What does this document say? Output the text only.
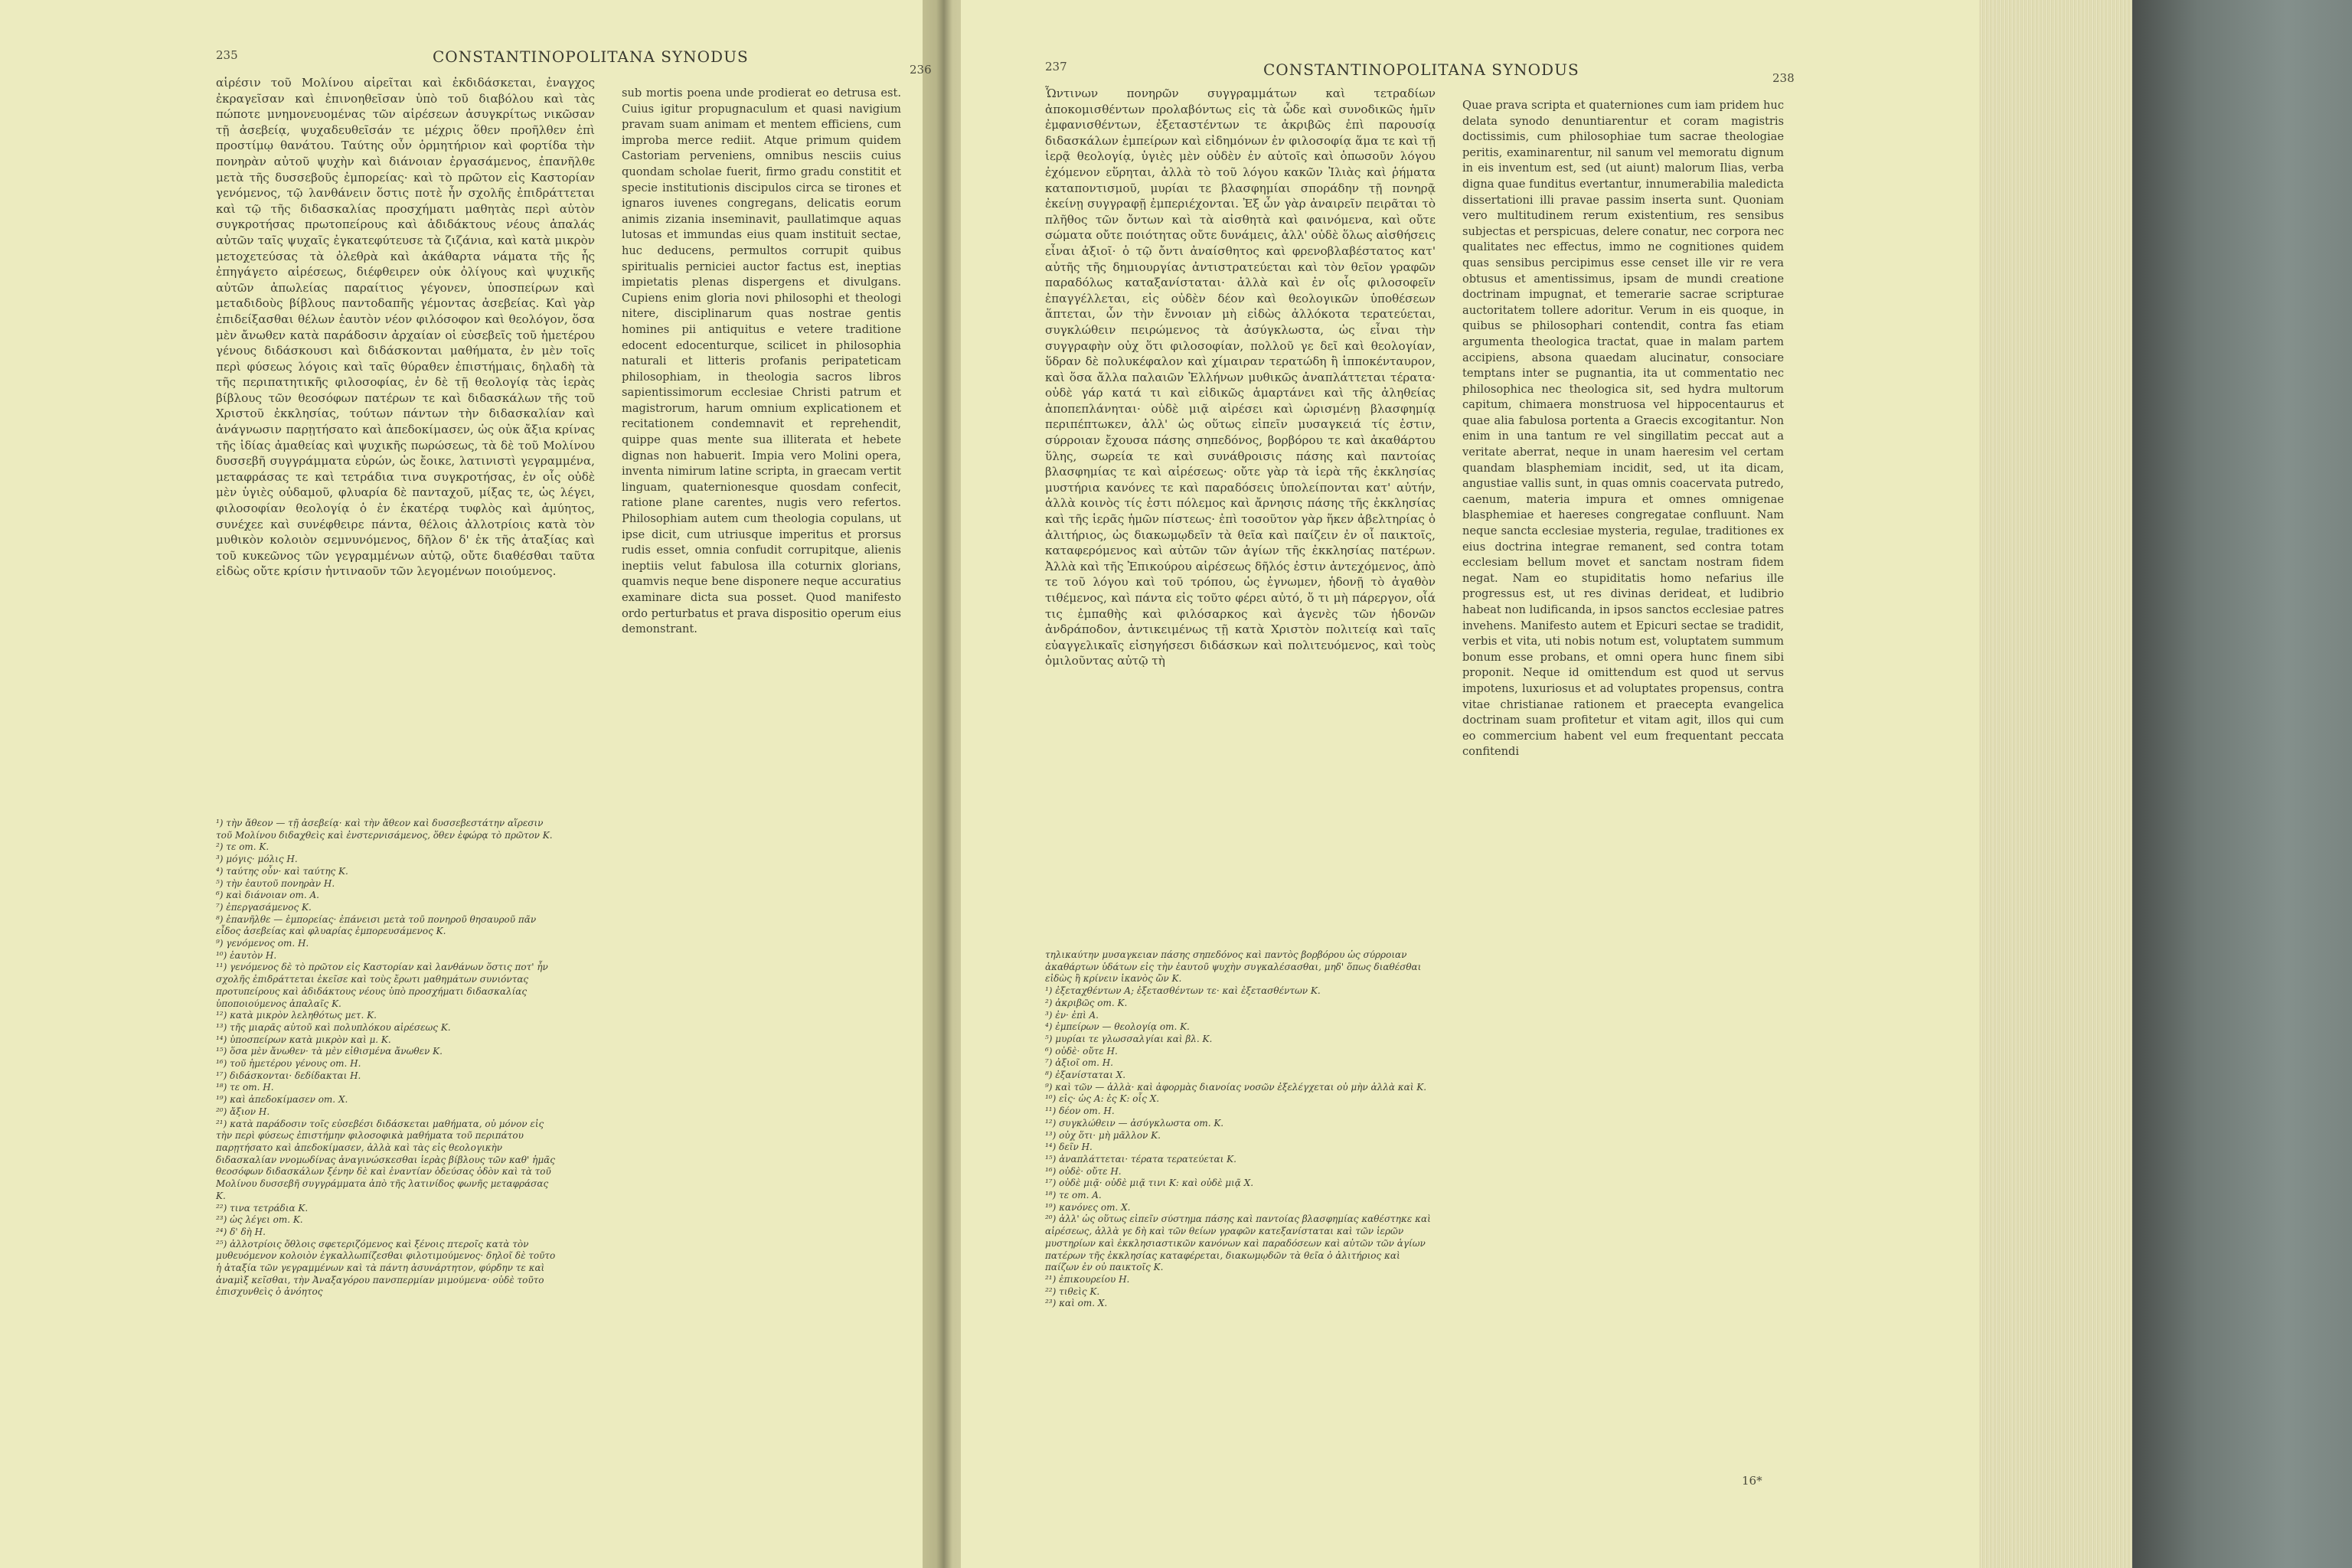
235	CONSTANTINOPOLITANA SYNODUS
236
αἱρέσιν τοῦ Μολίνου αἱρεῖται καὶ ἐκδιδάσκεται, ἐναγχος ἐκραγεῖσαν καὶ ἐπινοηθεῖσαν ὑπὸ τοῦ διαβόλου καὶ τὰς πώποτε μνημονευομένας τῶν αἱρέσεων ἀσυγκρίτως νικῶσαν τῇ ἀσεβείᾳ, ψυχαδευθεῖσάν τε μέχρις ὅθεν προῆλθεν ἐπὶ προστίμῳ θανάτου. Ταύτης οὖν ὁρμητήριον καὶ φορτίδα τὴν πονηρὰν αὐτοῦ ψυχὴν καὶ διάνοιαν ἐργασάμενος, ἐπανῆλθε μετὰ τῆς δυσσεβοῦς ἐμπορείας· καὶ τὸ πρῶτον εἰς Καστορίαν γενόμενος, τῷ λανθάνειν ὅστις ποτὲ ἦν σχολῆς ἐπιδράττεται καὶ τῷ τῆς διδασκαλίας προσχήματι μαθητὰς περὶ αὐτὸν συγκροτήσας πρωτοπείρους καὶ ἀδιδάκτους νέους ἁπαλάς αὐτῶν ταῖς ψυχαῖς ἐγκατεφύτευσε τὰ ζιζάνια, καὶ κατὰ μικρὸν μετοχετεύσας τὰ ὀλεθρὰ καὶ ἀκάθαρτα νάματα τῆς ἧς ἐπηγάγετο αἱρέσεως, διέφθειρεν οὐκ ὀλίγους καὶ ψυχικῆς αὐτῶν ἀπωλείας παραίτιος γέγονεν, ὑποσπείρων καὶ μεταδιδοὺς βίβλους παντοδαπῆς γέμοντας ἀσεβείας. Καὶ γὰρ ἐπιδείξασθαι θέλων ἑαυτὸν νέον φιλόσοφον καὶ θεολόγον, ὅσα μὲν ἄνωθεν κατὰ παράδοσιν ἀρχαίαν οἱ εὐσεβεῖς τοῦ ἡμετέρου γένους διδάσκουσι καὶ διδάσκονται μαθήματα, ἐν μὲν τοῖς περὶ φύσεως λόγοις καὶ ταῖς θύραθεν ἐπιστήμαις, δηλαδὴ τὰ τῆς περιπατητικῆς φιλοσοφίας, ἐν δὲ τῇ θεολογίᾳ τὰς ἱερὰς βίβλους τῶν θεοσόφων πατέρων τε καὶ διδασκάλων τῆς τοῦ Χριστοῦ ἐκκλησίας, τούτων πάντων τὴν διδασκαλίαν καὶ ἀνάγνωσιν παρῃτήσατο καὶ ἀπεδοκίμασεν, ὡς οὐκ ἄξια κρίνας τῆς ἰδίας ἀμαθείας καὶ ψυχικῆς πωρώσεως, τὰ δὲ τοῦ Μολίνου δυσσεβῆ συγγράμματα εὑρών, ὡς ἔοικε, λατινιστὶ γεγραμμένα, μεταφράσας τε καὶ τετράδια τινα συγκροτήσας, ἐν οἷς οὐδὲ μὲν ὑγιὲς οὐδαμοῦ, φλυαρία δὲ πανταχοῦ, μίξας τε, ὡς λέγει, φιλοσοφίαν θεολογίᾳ ὁ ἐν ἑκατέρᾳ τυφλὸς καὶ ἀμύητος, συνέχεε καὶ συνέφθειρε πάντα, θέλοις ἀλλοτρίοις κατὰ τὸν μυθικὸν κολοιὸν σεμνυνόμενος, δῆλον δ' ἐκ τῆς ἀταξίας καὶ τοῦ κυκεῶνος τῶν γεγραμμένων αὐτῷ, οὔτε διαθέσθαι ταῦτα εἰδὼς οὔτε κρίσιν ἠντιναοῦν τῶν λεγομένων ποιούμενος.

¹) τὴν ἄθεον — τῇ ἀσεβείᾳ· καὶ τὴν ἄθεον καὶ δυσσεβεστάτην αἵρεσιν τοῦ Μολίνου διδαχθεὶς καὶ ἐνστερνισάμενος, ὅθεν ἐφώρᾳ τὸ πρῶτον K.

²) τε om. K.

³) μόγις· μόλις H.

⁴) ταύτης οὖν· καὶ ταύτης K.

⁵) τὴν ἑαυτοῦ πονηρὰν H.

⁶) καὶ διάνοιαν om. A.

⁷) ἐπεργασάμενος K.

⁸) ἐπανῆλθε — ἐμπορείας· ἐπάνεισι μετὰ τοῦ πονηροῦ θησαυροῦ πᾶν εἶδος ἀσεβείας καὶ φλυαρίας ἐμπορευσάμενος K.

⁹) γενόμενος om. H.

¹⁰) ἑαυτὸν H.

¹¹) γενόμενος δὲ τὸ πρῶτον εἰς Καστορίαν καὶ λανθάνων ὅστις ποτ' ἦν σχολῆς ἐπιδράττεται ἐκεῖσε καὶ τοὺς ἔρωτι μαθημάτων συνιόντας προτυπείρους καὶ ἀδιδάκτους νέους ὑπὸ προσχήματι διδασκαλίας ὑποποιούμενος ἁπαλαῖς K.

¹²) κατὰ μικρὸν λεληθότως μετ. K.

¹³) τῆς μιαρᾶς αὐτοῦ καὶ πολυπλόκου αἱρέσεως K.

¹⁴) ὑποσπείρων κατὰ μικρὸν καὶ μ. K.

¹⁵) ὅσα μὲν ἄνωθεν· τὰ μὲν εἰθισμένα ἄνωθεν K.

¹⁶) τοῦ ἡμετέρου γένους om. H.

¹⁷) διδάσκονται· δεδίδακται H.

¹⁸) τε om. H.

¹⁹) καὶ ἀπεδοκίμασεν om. X.

²⁰) ἄξιον H.

²¹) κατὰ παράδοσιν τοῖς εὐσεβέσι διδάσκεται μαθήματα, οὐ μόνον εἰς τὴν περὶ φύσεως ἐπιστήμην φιλοσοφικὰ μαθήματα τοῦ περιπάτου παρῃτήσατο καὶ ἀπεδοκίμασεν, ἀλλὰ καὶ τὰς εἰς θεολογικὴν διδασκαλίαν ννομωδίνας ἀναγινώσκεσθαι ἱερὰς βίβλους τῶν καθ' ἡμᾶς θεοσόφων διδασκάλων ξένην δὲ καὶ ἐναντίαν ὁδεύσας ὁδὸν καὶ τὰ τοῦ Μολίνου δυσσεβῆ συγγράμματα ἀπὸ τῆς λατινίδος φωνῆς μεταφράσας K.

²²) τινα τετράδια K.

²³) ὡς λέγει om. K.

²⁴) δ' δὴ H.

²⁵) ἀλλοτρίοις ὄθλοις σφετεριζόμενος καὶ ξένοις πτεροῖς κατὰ τὸν μυθευόμενον κολοιὸν ἐγκαλλωπίζεσθαι φιλοτιμούμενος· δηλοῖ δὲ τοῦτο ἡ ἀταξία τῶν γεγραμμένων καὶ τὰ πάντη ἀσυνάρτητον, φύρδην τε καὶ ἀναμὶξ κεῖσθαι, τὴν Ἀναξαγόρου πανσπερμίαν μιμούμενα· οὐδὲ τοῦτο ἐπισχυνθεὶς ὁ ἀνόητος

sub mortis poena unde prodierat eo detrusa est. Cuius igitur propugnaculum et quasi navigium pravam suam animam et mentem efficiens, cum improba merce rediit. Atque primum quidem Castoriam perveniens, omnibus nesciis cuius quondam scholae fuerit, firmo gradu constitit et specie institutionis discipulos circa se tirones et ignaros iuvenes congregans, delicatis eorum animis zizania inseminavit, paullatimque aquas lutosas et immundas eius quam instituit sectae, huc deducens, permultos corrupit quibus spiritualis perniciei auctor factus est, ineptias impietatis plenas dispergens et divulgans. Cupiens enim gloria novi philosophi et theologi nitere, disciplinarum quas nostrae gentis homines pii antiquitus e vetere traditione edocent edocenturque, scilicet in philosophia naturali et litteris profanis peripateticam philosophiam, in theologia sacros libros sapientissimorum ecclesiae Christi patrum et magistrorum, harum omnium explicationem et recitationem condemnavit et reprehendit, quippe quas mente sua illiterata et hebete dignas non habuerit. Impia vero Molini opera, inventa nimirum latine scripta, in graecam vertit linguam, quaternionesque quosdam confecit, ratione plane carentes, nugis vero refertos. Philosophiam autem cum theologia copulans, ut ipse dicit, cum utriusque imperitus et prorsus rudis esset, omnia confudit corrupitque, alienis ineptiis velut fabulosa illa coturnix glorians, quamvis neque bene disponere neque accuratius examinare dicta sua posset. Quod manifesto ordo perturbatus et prava dispositio operum eius demonstrant.
237	CONSTANTINOPOLITANA SYNODUS	238
Ὧντινων πονηρῶν συγγραμμάτων καὶ τετραδίων ἀποκομισθέντων προλαβόντως εἰς τὰ ὧδε καὶ συνοδικῶς ἡμῖν ἐμφανισθέντων, ἐξεταστέντων τε ἀκριβῶς ἐπὶ παρουσίᾳ διδασκάλων ἐμπείρων καὶ εἰδημόνων ἐν φιλοσοφίᾳ ἅμα τε καὶ τῇ ἱερᾷ θεολογίᾳ, ὑγιὲς μὲν οὐδὲν ἐν αὐτοῖς καὶ ὁπωσοῦν λόγου ἐχόμενον εὕρηται, ἀλλὰ τὸ τοῦ λόγου κακῶν Ἰλιὰς καὶ ῥήματα καταποντισμοῦ, μυρίαι τε βλασφημίαι σποράδην τῇ πονηρᾷ ἐκείνῃ συγγραφῇ ἐμπεριέχονται. Ἐξ ὧν γὰρ ἀναιρεῖν πειρᾶται τὸ πλῆθος τῶν ὄντων καὶ τὰ αἰσθητὰ καὶ φαινόμενα, καὶ οὔτε σώματα οὔτε ποιότητας οὔτε δυνάμεις, ἀλλ' οὐδὲ ὅλως αἰσθήσεις εἶναι ἀξιοῖ· ὁ τῷ ὄντι ἀναίσθητος καὶ φρενοβλαβέστατος κατ' αὐτῆς τῆς δημιουργίας ἀντιστρατεύεται καὶ τὸν θεῖον γραφῶν παραδόλως καταξανίσταται· ἀλλὰ καὶ ἐν οἷς φιλοσοφεῖν ἐπαγγέλλεται, εἰς οὐδὲν δέον καὶ θεολογικῶν ὑποθέσεων ἅπτεται, ὧν τὴν ἔννοιαν μὴ εἰδὼς ἀλλόκοτα τερατεύεται, συγκλώθειν πειρώμενος τὰ ἀσύγκλωστα, ὡς εἶναι τὴν συγγραφὴν οὐχ ὅτι φιλοσοφίαν, πολλοῦ γε δεῖ καὶ θεολογίαν, ὕδραν δὲ πολυκέφαλον καὶ χίμαιραν τερατώδη ἢ ἱπποκένταυρον, καὶ ὅσα ἄλλα παλαιῶν Ἑλλήνων μυθικῶς ἀναπλάττεται τέρατα· οὐδὲ γάρ κατά τι καὶ εἰδικῶς ἁμαρτάνει καὶ τῆς ἀληθείας ἀποπεπλάνηται· οὐδὲ μιᾷ αἱρέσει καὶ ὡρισμένῃ βλασφημίᾳ περιπέπτωκεν, ἀλλ' ὡς οὕτως εἰπεῖν μυσαγκειά τίς ἐστιν, σύρροιαν ἔχουσα πάσης σηπεδόνος, βορβόρου τε καὶ ἀκαθάρτου ὕλης, σωρεία τε καὶ συνάθροισις πάσης καὶ παντοίας βλασφημίας τε καὶ αἱρέσεως· οὔτε γὰρ τὰ ἱερὰ τῆς ἐκκλησίας μυστήρια κανόνες τε καὶ παραδόσεις ὑπολείπονται κατ' αὐτήν, ἀλλὰ κοινὸς τίς ἐστι πόλεμος καὶ ἄρνησις πάσης τῆς ἐκκλησίας καὶ τῆς ἱερᾶς ἡμῶν πίστεως· ἐπὶ τοσοῦτον γὰρ ἥκεν ἀβελτηρίας ὁ ἀλιτήριος, ὡς διακωμῳδεῖν τὰ θεῖα καὶ παίζειν ἐν οἷ παικτοῖς, καταφερόμενος καὶ αὐτῶν τῶν ἁγίων τῆς ἐκκλησίας πατέρων. Ἀλλὰ καὶ τῆς Ἐπικούρου αἱρέσεως δῆλός ἐστιν ἀντεχόμενος, ἀπὸ τε τοῦ λόγου καὶ τοῦ τρόπου, ὡς ἐγνωμεν, ἡδονῇ τὸ ἀγαθὸν τιθέμενος, καὶ πάντα εἰς τοῦτο φέρει αὐτό, ὅ τι μὴ πάρεργον, οἷά τις ἐμπαθὴς καὶ φιλόσαρκος καὶ ἀγενὲς τῶν ἡδονῶν ἀνδράποδον, ἀντικειμένως τῇ κατὰ Χριστὸν πολιτείᾳ καὶ ταῖς εὐαγγελικαῖς εἰσηγήσεσι διδάσκων καὶ πολιτευόμενος, καὶ τοὺς ὁμιλοῦντας αὐτῷ τὴ

τηλικαύτην μυσαγκειαν πάσης σηπεδόνος καὶ παντὸς βορβόρου ὡς σύρροιαν ἀκαθάρτων ὑδάτων εἰς τὴν ἑαυτοῦ ψυχὴν συγκαλέσασθαι, μηδ' ὅπως διαθέσθαι εἰδὼς ἢ κρίνειν ἱκανὸς ὤν K.

¹) ἐξεταχθέντων A; ἐξετασθέντων τε· καὶ ἐξετασθέντων K.

²) ἀκριβῶς om. K.

³) ἐν· ἐπὶ A.

⁴) ἐμπείρων — θεολογίᾳ om. K.

⁵) μυρίαι τε γλωσσαλγίαι καὶ βλ. K.

⁶) οὐδὲ· οὔτε H.

⁷) ἀξιοῖ om. H.

⁸) ἐξανίσταται X.

⁹) καὶ τῶν — ἀλλὰ· καὶ ἀφορμὰς διανοίας νοσῶν ἐξελέγχεται οὐ μὴν ἀλλὰ καὶ K.

¹⁰) εἰς· ὡς A: ἐς K: οἷς X.

¹¹) δέον om. H.

¹²) συγκλώθειν — ἀσύγκλωστα om. K.

¹³) οὐχ ὅτι· μὴ μᾶλλον K.

¹⁴) δεῖν H.

¹⁵) ἀναπλάττεται· τέρατα τερατεύεται K.

¹⁶) οὐδὲ· οὔτε H.

¹⁷) οὐδὲ μιᾷ· οὐδὲ μιᾷ τινι K: καὶ οὐδὲ μιᾷ X.

¹⁸) τε om. A.

¹⁹) κανόνες om. X.

²⁰) ἀλλ' ὡς οὕτως εἰπεῖν σύστημα πάσης καὶ παντοίας βλασφημίας καθέστηκε καὶ αἱρέσεως, ἀλλὰ γε δὴ καὶ τῶν θείων γραφῶν κατεξανίσταται καὶ τῶν ἱερῶν μυστηρίων καὶ ἐκκλησιαστικῶν κανόνων καὶ παραδόσεων καὶ αὐτῶν τῶν ἁγίων πατέρων τῆς ἐκκλησίας καταφέρεται, διακωμῳδῶν τὰ θεῖα ὁ ἀλιτήριος καὶ παίζων ἐν οὐ παικτοῖς K.

²¹) ἐπικουρείου H.

²²) τιθεὶς K.

²³) καὶ om. X.

Quae prava scripta et quaterniones cum iam pridem huc delata synodo denuntiarentur et coram magistris doctissimis, cum philosophiae tum sacrae theologiae peritis, examinarentur, nil sanum vel memoratu dignum in eis inventum est, sed (ut aiunt) malorum Ilias, verba digna quae funditus evertantur, innumerabilia maledicta dissertationi illi pravae passim inserta sunt. Quoniam vero multitudinem rerum existentium, res sensibus subjectas et perspicuas, delere conatur, nec corpora nec qualitates nec effectus, immo ne cognitiones quidem quas sensibus percipimus esse censet ille vir re vera obtusus et amentissimus, ipsam de mundi creatione doctrinam impugnat, et temerarie sacrae scripturae auctoritatem tollere adoritur. Verum in eis quoque, in quibus se philosophari contendit, contra fas etiam argumenta theologica tractat, quae in malam partem accipiens, absona quaedam alucinatur, consociare temptans inter se pugnantia, ita ut commentatio nec philosophica nec theologica sit, sed hydra multorum capitum, chimaera monstruosa vel hippocentaurus et quae alia fabulosa portenta a Graecis excogitantur. Non enim in una tantum re vel singillatim peccat aut a veritate aberrat, neque in unam haeresim vel certam quandam blasphemiam incidit, sed, ut ita dicam, angustiae vallis sunt, in quas omnis coacervata putredo, caenum, materia impura et omnes omnigenae blasphemiae et haereses congregatae confluunt. Nam neque sancta ecclesiae mysteria, regulae, traditiones ex eius doctrina integrae remanent, sed contra totam ecclesiam bellum movet et sanctam nostram fidem negat. Nam eo stupiditatis homo nefarius ille progressus est, ut res divinas derideat, et ludibrio habeat non ludificanda, in ipsos sanctos ecclesiae patres invehens. Manifesto autem et Epicuri sectae se tradidit, verbis et vita, uti nobis notum est, voluptatem summum bonum esse probans, et omni opera hunc finem sibi proponit. Neque id omittendum est quod ut servus impotens, luxuriosus et ad voluptates propensus, contra vitae christianae rationem et praecepta evangelica doctrinam suam profitetur et vitam agit, illos qui cum eo commercium habent vel eum frequentant peccata confitendi
16*
